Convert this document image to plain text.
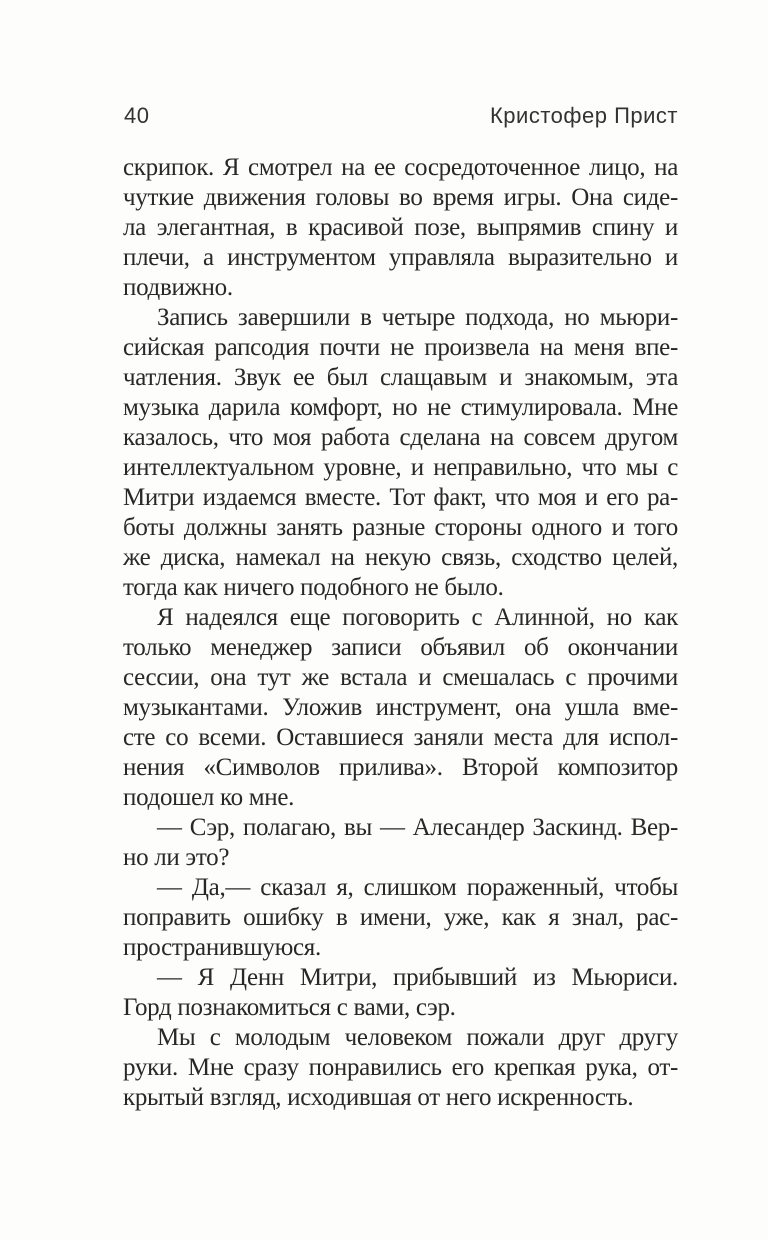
40	Кристофер Прист
скрипок. Я смотрел на ее сосредоточенное лицо, на
чуткие движения головы во время игры. Она сиде-
ла элегантная, в красивой позе, выпрямив спину и
плечи, а инструментом управляла выразительно и
подвижно.
Запись завершили в четыре подхода, но мьюри-
сийская рапсодия почти не произвела на меня впе-
чатления. Звук ее был слащавым и знакомым, эта
музыка дарила комфорт, но не стимулировала. Мне
казалось, что моя работа сделана на совсем другом
интеллектуальном уровне, и неправильно, что мы с
Митри издаемся вместе. Тот факт, что моя и его ра-
боты должны занять разные стороны одного и того
же диска, намекал на некую связь, сходство целей,
тогда как ничего подобного не было.
Я надеялся еще поговорить с Алинной, но как
только менеджер записи объявил об окончании
сессии, она тут же встала и смешалась с прочими
музыкантами. Уложив инструмент, она ушла вме-
сте со всеми. Оставшиеся заняли места для испол-
нения «Символов прилива». Второй композитор
подошел ко мне.
— Сэр, полагаю, вы — Алесандер Заскинд. Вер-
но ли это?
— Да,— сказал я, слишком пораженный, чтобы
поправить ошибку в имени, уже, как я знал, рас-
пространившуюся.
— Я Денн Митри, прибывший из Мьюриси.
Горд познакомиться с вами, сэр.
Мы с молодым человеком пожали друг другу
руки. Мне сразу понравились его крепкая рука, от-
крытый взгляд, исходившая от него искренность.
